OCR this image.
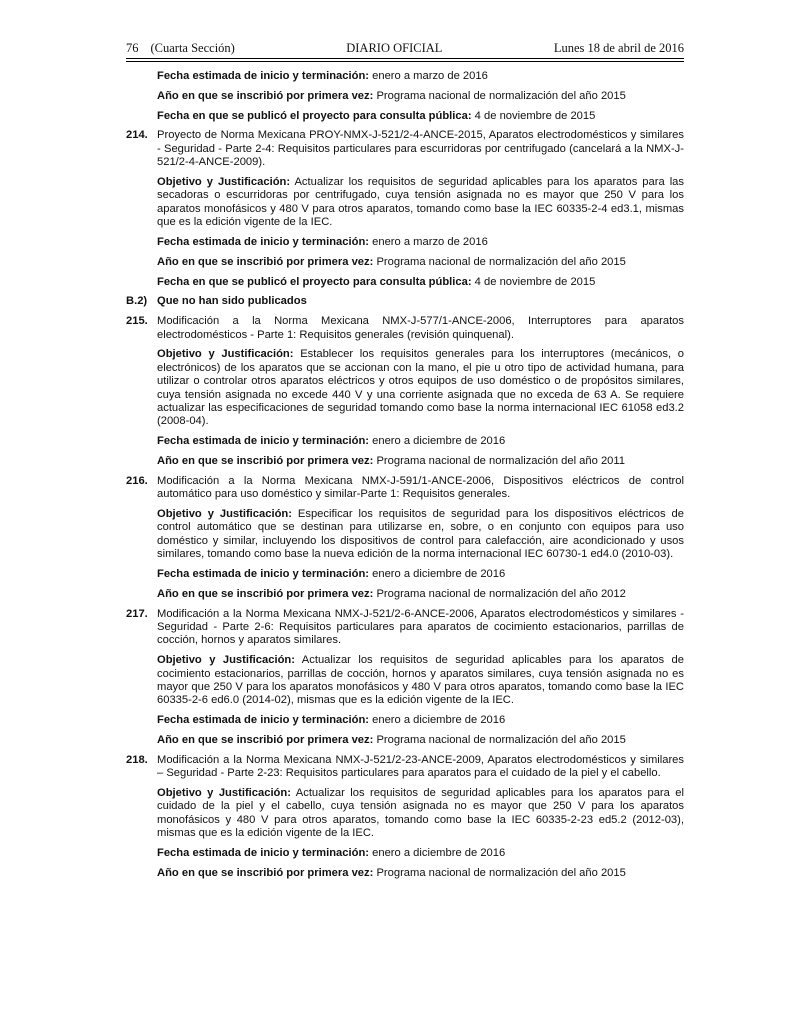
76 (Cuarta Sección)	DIARIO OFICIAL	Lunes 18 de abril de 2016

Fecha estimada de inicio y terminación: enero a marzo de 2016

Año en que se inscribió por primera vez: Programa nacional de normalización del año 2015

Fecha en que se publicó el proyecto para consulta pública: 4 de noviembre de 2015

214. Proyecto de Norma Mexicana PROY-NMX-J-521/2-4-ANCE-2015, Aparatos electrodomésticos y similares - Seguridad - Parte 2-4: Requisitos particulares para escurridoras por centrifugado (cancelará a la NMX-J-521/2-4-ANCE-2009).

Objetivo y Justificación: Actualizar los requisitos de seguridad aplicables para los aparatos para las secadoras o escurridoras por centrifugado, cuya tensión asignada no es mayor que 250 V para los aparatos monofásicos y 480 V para otros aparatos, tomando como base la IEC 60335-2-4 ed3.1, mismas que es la edición vigente de la IEC.

Fecha estimada de inicio y terminación: enero a marzo de 2016

Año en que se inscribió por primera vez: Programa nacional de normalización del año 2015

Fecha en que se publicó el proyecto para consulta pública: 4 de noviembre de 2015

B.2) Que no han sido publicados
215. Modificación a la Norma Mexicana NMX-J-577/1-ANCE-2006, Interruptores para aparatos electrodomésticos - Parte 1: Requisitos generales (revisión quinquenal).

Objetivo y Justificación: Establecer los requisitos generales para los interruptores (mecánicos, o electrónicos) de los aparatos que se accionan con la mano, el pie u otro tipo de actividad humana, para utilizar o controlar otros aparatos eléctricos y otros equipos de uso doméstico o de propósitos similares, cuya tensión asignada no excede 440 V y una corriente asignada que no exceda de 63 A. Se requiere actualizar las especificaciones de seguridad tomando como base la norma internacional IEC 61058 ed3.2 (2008-04).

Fecha estimada de inicio y terminación: enero a diciembre de 2016

Año en que se inscribió por primera vez: Programa nacional de normalización del año 2011

216. Modificación a la Norma Mexicana NMX-J-591/1-ANCE-2006, Dispositivos eléctricos de control automático para uso doméstico y similar-Parte 1: Requisitos generales.

Objetivo y Justificación: Especificar los requisitos de seguridad para los dispositivos eléctricos de control automático que se destinan para utilizarse en, sobre, o en conjunto con equipos para uso doméstico y similar, incluyendo los dispositivos de control para calefacción, aire acondicionado y usos similares, tomando como base la nueva edición de la norma internacional IEC 60730-1 ed4.0 (2010-03).

Fecha estimada de inicio y terminación: enero a diciembre de 2016

Año en que se inscribió por primera vez: Programa nacional de normalización del año 2012

217. Modificación a la Norma Mexicana NMX-J-521/2-6-ANCE-2006, Aparatos electrodomésticos y similares - Seguridad - Parte 2-6: Requisitos particulares para aparatos de cocimiento estacionarios, parrillas de cocción, hornos y aparatos similares.

Objetivo y Justificación: Actualizar los requisitos de seguridad aplicables para los aparatos de cocimiento estacionarios, parrillas de cocción, hornos y aparatos similares, cuya tensión asignada no es mayor que 250 V para los aparatos monofásicos y 480 V para otros aparatos, tomando como base la IEC 60335-2-6 ed6.0 (2014-02), mismas que es la edición vigente de la IEC.

Fecha estimada de inicio y terminación: enero a diciembre de 2016

Año en que se inscribió por primera vez: Programa nacional de normalización del año 2015

218. Modificación a la Norma Mexicana NMX-J-521/2-23-ANCE-2009, Aparatos electrodomésticos y similares – Seguridad - Parte 2-23: Requisitos particulares para aparatos para el cuidado de la piel y el cabello.

Objetivo y Justificación: Actualizar los requisitos de seguridad aplicables para los aparatos para el cuidado de la piel y el cabello, cuya tensión asignada no es mayor que 250 V para los aparatos monofásicos y 480 V para otros aparatos, tomando como base la IEC 60335-2-23 ed5.2 (2012-03), mismas que es la edición vigente de la IEC.

Fecha estimada de inicio y terminación: enero a diciembre de 2016

Año en que se inscribió por primera vez: Programa nacional de normalización del año 2015
